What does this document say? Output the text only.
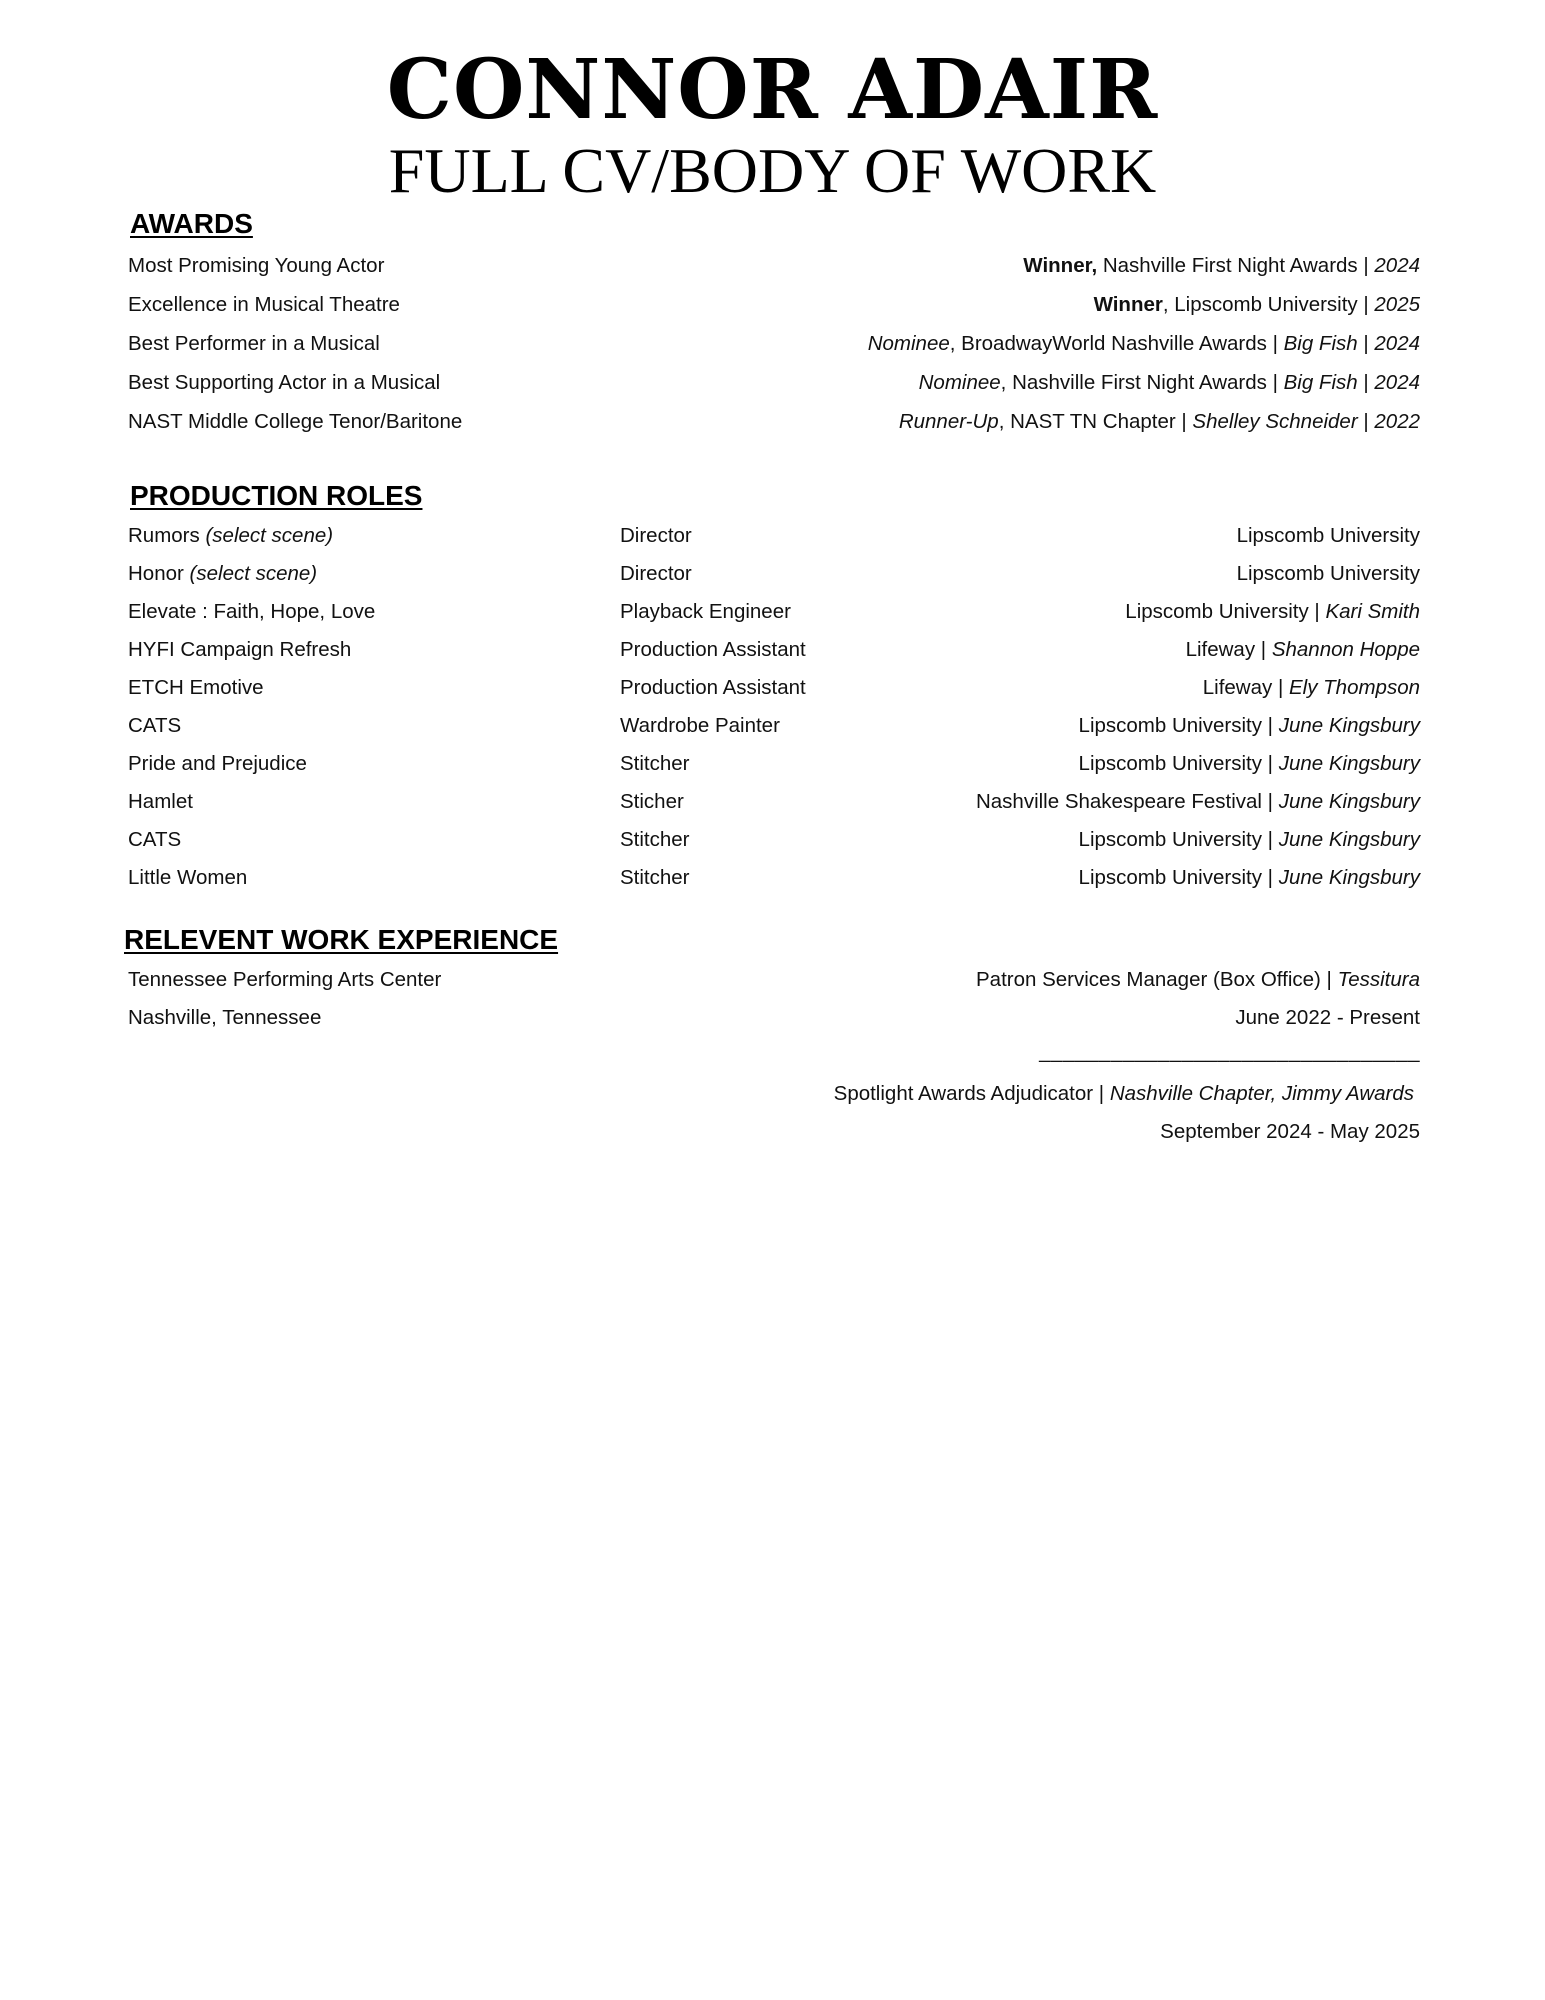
CONNOR ADAIR
FULL CV/BODY OF WORK
AWARDS
Most Promising Young Actor	Winner, Nashville First Night Awards | 2024
Excellence in Musical Theatre	Winner, Lipscomb University | 2025
Best Performer in a Musical	Nominee, BroadwayWorld Nashville Awards | Big Fish | 2024
Best Supporting Actor in a Musical	Nominee, Nashville First Night Awards | Big Fish | 2024
NAST Middle College Tenor/Baritone	Runner-Up, NAST TN Chapter | Shelley Schneider | 2022
PRODUCTION ROLES
Rumors (select scene)	Director	Lipscomb University
Honor (select scene)	Director	Lipscomb University
Elevate : Faith, Hope, Love	Playback Engineer	Lipscomb University | Kari Smith
HYFI Campaign Refresh	Production Assistant	Lifeway | Shannon Hoppe
ETCH Emotive	Production Assistant	Lifeway | Ely Thompson
CATS	Wardrobe Painter	Lipscomb University | June Kingsbury
Pride and Prejudice	Stitcher	Lipscomb University | June Kingsbury
Hamlet	Sticher	Nashville Shakespeare Festival | June Kingsbury
CATS	Stitcher	Lipscomb University | June Kingsbury
Little Women	Stitcher	Lipscomb University | June Kingsbury
RELEVENT WORK EXPERIENCE
Tennessee Performing Arts Center	Patron Services Manager (Box Office) | Tessitura
Nashville, Tennessee	June 2022 - Present
________________________________
Spotlight Awards Adjudicator | Nashville Chapter, Jimmy Awards
September 2024 - May 2025
